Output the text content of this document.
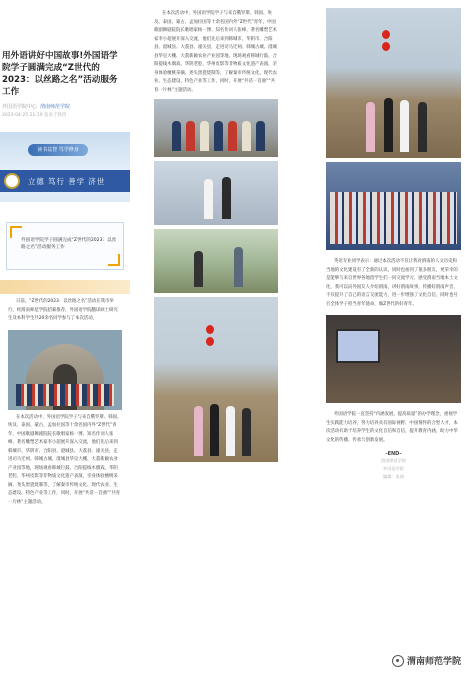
用外语讲好中国故事!外国语学院学子圆满完成“Z世代的2023：以丝路之名”活动服务工作
外国语学院中心 渭南师范学院
2023-04-25 21:19 发表于陕西
读书益智 笃学修身
立德 笃行 善学 济世
外国语学院学子圆满完成“Z世代的2023：以丝路之名”活动服务工作

日前，“Z世代的2023：以丝路之名”活动在我市举行，经渭南师范学院招募推荐，外国语学院翻译硕士研究生及本科学生共20余名同学参与了本次活动。

在本次活动中，外国语学院学子与来自俄罗斯、韩国、埃及、泰国、蒙古、孟加拉国等十余名国内外“Z世代”青年，中国歌剧舞剧院院长歌唱家杨一博、知名作词人张峰、著名雕塑艺术家李小超展开深入交流，他们先后来到韩城市、华阴市、合阳县、澄城县、大荔县、潼关县，走进司马迁祠、韩城古城、澄城县华皇大棚、大荔新颖农业产业园等地，现场观看韩城行鼓、合阳提线木偶戏、华阴老腔、华州皮影等非物质文化遗产表演，亲身体验檀桃采摘、尧头黑瓷烧制等，了解秦市传统文化、现代农业、生态建设、特色产业等工作，同时，开展“共话一首曲”“共育一片林”主题活动。

在本次活动中，外国语学院学子与来自俄罗斯、韩国、埃及、泰国、蒙古、孟加拉国等十余名国内外“Z世代”青年，中国歌剧舞剧院院长歌唱家杨一博、知名作词人张峰、著名雕塑艺术家李小超展开深入交流，他们先后来到韩城市、华阴市、合阳县、澄城县、大荔县、潼关县，走进司马迁祠、韩城古城、澄城县华皇大棚、大荔新颖农业产业园等地，现场观看韩城行鼓、合阳提线木偶戏、华阴老腔、华州皮影等非物质文化遗产表演，亲身体验檀桃采摘、尧头黑瓷烧制等，了解秦市传统文化、现代农业、生态建设、特色产业等工作，同时，开展“共话一首曲”“共育一片林”主题活动。

英语专业同学表示：通过本次活动不仅让我对渭南的人文历史和当地的文化建设有了全新的认识，同时也加到了很多朋友，更荣幸的是能够与来自世界各地留学生们一同交流学习，感受渭南当地本土文化，我可以向外国友人介绍渭南、讲好渭南故事，传播好渭南声音，不仅提升了自己的语言交流能力，进一步增强了文化自信，同时也号召全体学子担当青年使命，做Z世代的好青年。

外国语学院一直坚持“内涵发展、提高质量”的办学理念，重视学生实践能力培养，努力培养具有国际视野、中国情怀的合型人才，本次活动有助于培养学生的文化自信和自信，提升教育内涵，助力中华文化的传播、传承与创新发展。

-END-
渭南师范学院
外国语学院
编辑：张倩
渭南师范学院
